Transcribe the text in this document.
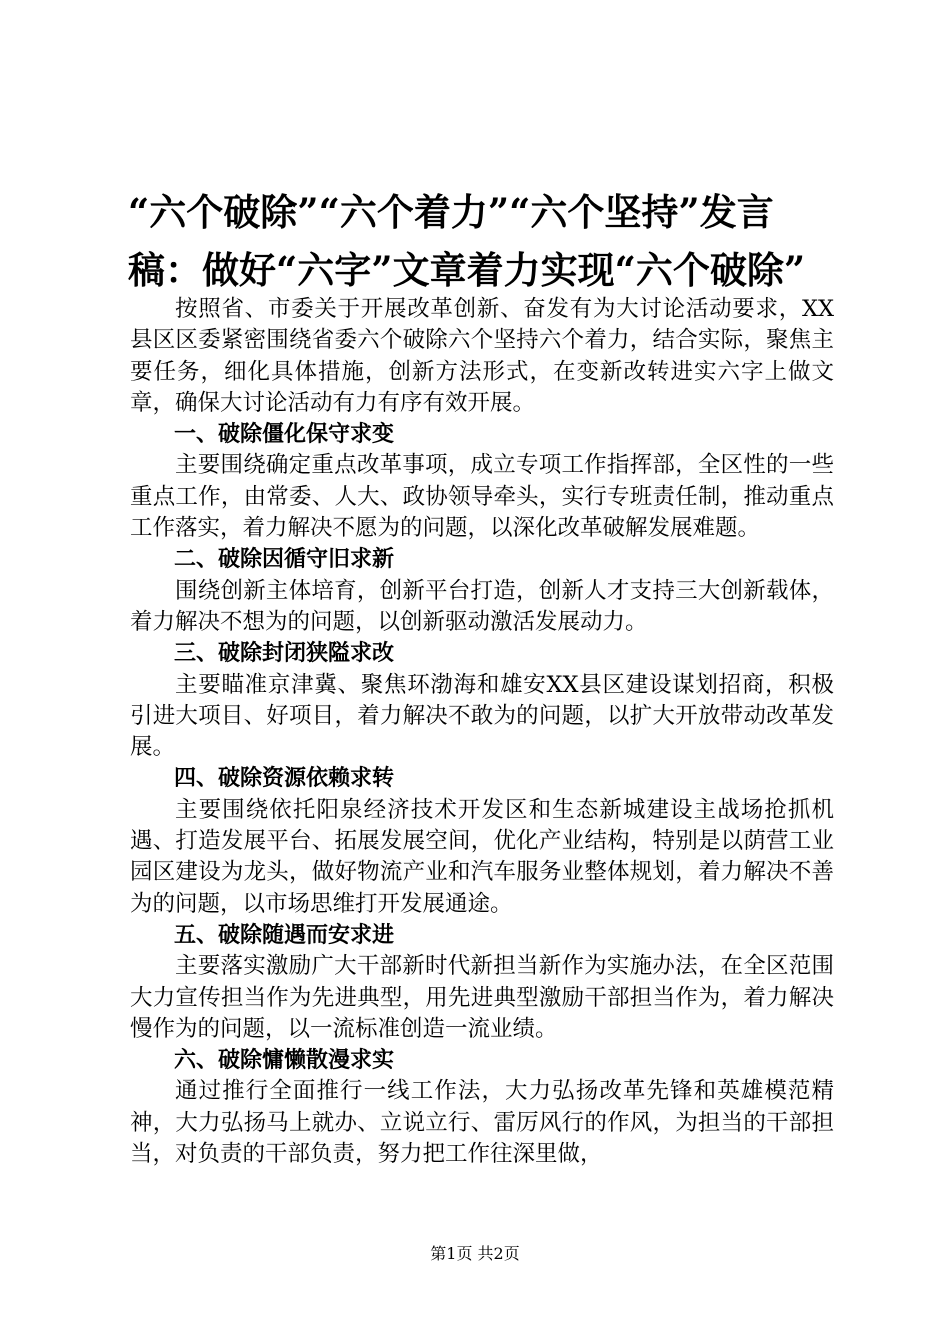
“六个破除”“六个着力”“六个坚持”发言
稿：做好“六字”文章着力实现“六个破除”

按照省、市委关于开展改革创新、奋发有为大讨论活动要求，XX县区区委紧密围绕省委六个破除六个坚持六个着力，结合实际，聚焦主要任务，细化具体措施，创新方法形式，在变新改转进实六字上做文章，确保大讨论活动有力有序有效开展。

一、破除僵化保守求变

主要围绕确定重点改革事项，成立专项工作指挥部，全区性的一些重点工作，由常委、人大、政协领导牵头，实行专班责任制，推动重点工作落实，着力解决不愿为的问题，以深化改革破解发展难题。

二、破除因循守旧求新

围绕创新主体培育，创新平台打造，创新人才支持三大创新载体，着力解决不想为的问题，以创新驱动激活发展动力。

三、破除封闭狭隘求改

主要瞄准京津冀、聚焦环渤海和雄安XX县区建设谋划招商，积极引进大项目、好项目，着力解决不敢为的问题，以扩大开放带动改革发展。

四、破除资源依赖求转

主要围绕依托阳泉经济技术开发区和生态新城建设主战场抢抓机遇、打造发展平台、拓展发展空间，优化产业结构，特别是以荫营工业园区建设为龙头，做好物流产业和汽车服务业整体规划，着力解决不善为的问题，以市场思维打开发展通途。

五、破除随遇而安求进

主要落实激励广大干部新时代新担当新作为实施办法，在全区范围大力宣传担当作为先进典型，用先进典型激励干部担当作为，着力解决慢作为的问题，以一流标准创造一流业绩。

六、破除慵懒散漫求实

通过推行全面推行一线工作法，大力弘扬改革先锋和英雄模范精神，大力弘扬马上就办、立说立行、雷厉风行的作风，为担当的干部担当，对负责的干部负责，努力把工作往深里做，

第1页 共2页
